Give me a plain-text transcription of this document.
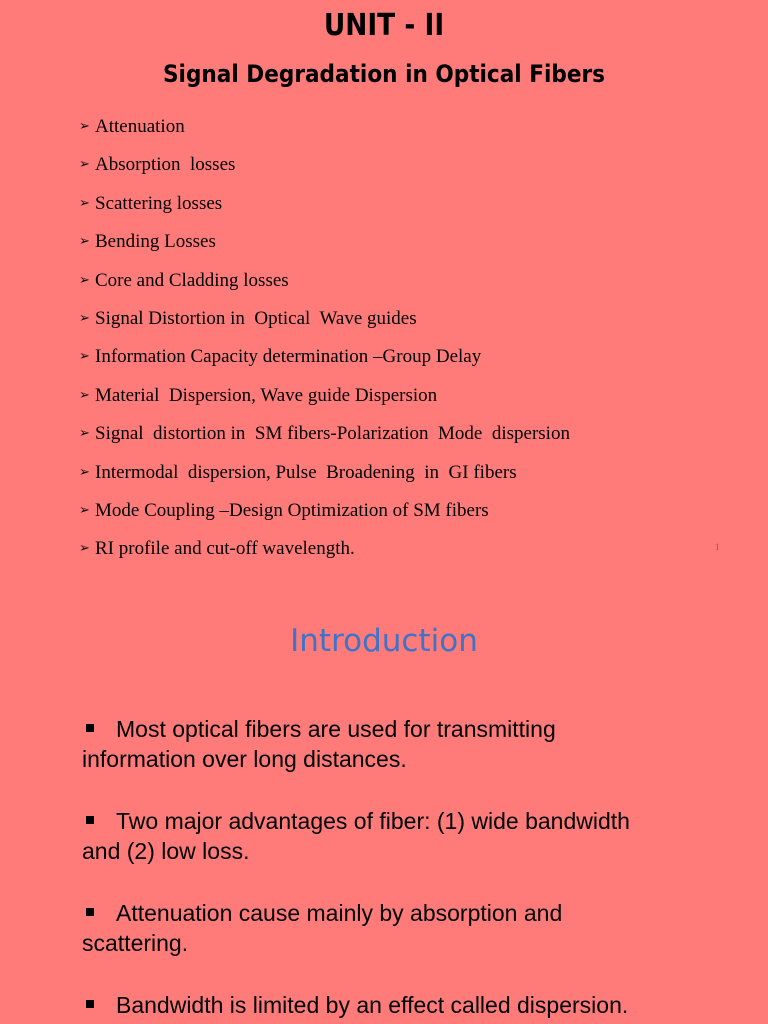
UNIT - II
Signal Degradation in Optical Fibers
➢ Attenuation
➢ Absorption  losses
➢ Scattering losses
➢ Bending Losses
➢ Core and Cladding losses
➢ Signal Distortion in  Optical  Wave guides
➢ Information Capacity determination –Group Delay
➢ Material  Dispersion, Wave guide Dispersion
➢ Signal  distortion in  SM fibers-Polarization  Mode  dispersion
➢ Intermodal  dispersion, Pulse  Broadening  in  GI fibers
➢ Mode Coupling –Design Optimization of SM fibers
➢ RI profile and cut-off wavelength.	1
Introduction
Most optical fibers are used for transmitting
information over long distances.
Two major advantages of fiber: (1) wide bandwidth
and (2) low loss.
Attenuation cause mainly by absorption and
scattering.
Bandwidth is limited by an effect called dispersion.
